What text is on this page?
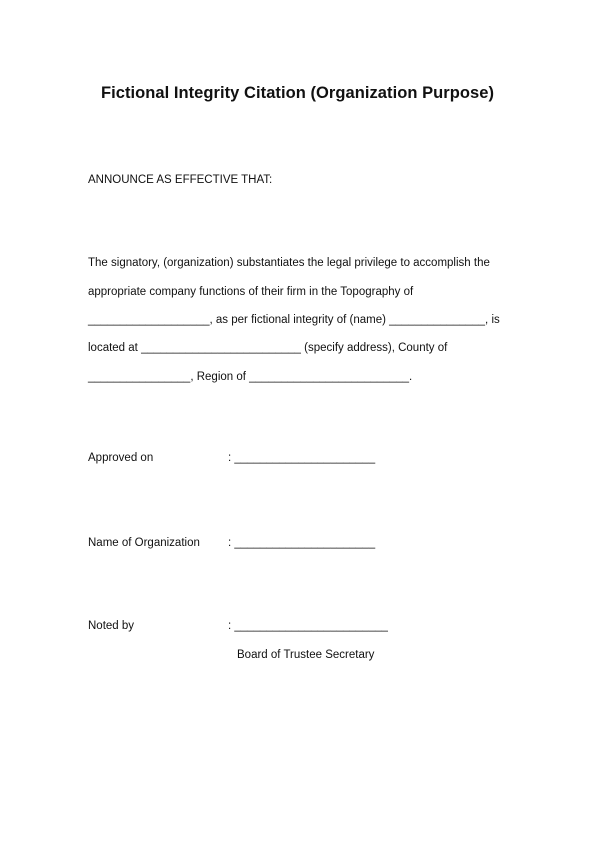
Fictional Integrity Citation (Organization Purpose)
ANNOUNCE AS EFFECTIVE THAT:
The signatory, (organization) substantiates the legal privilege to accomplish the
appropriate company functions of their firm in the Topography of
___________________, as per fictional integrity of (name) _______________, is
located at _________________________ (specify address), County of
________________, Region of _________________________.
Approved on	: ______________________
Name of Organization : ______________________
Noted by	: ________________________
Board of Trustee Secretary
